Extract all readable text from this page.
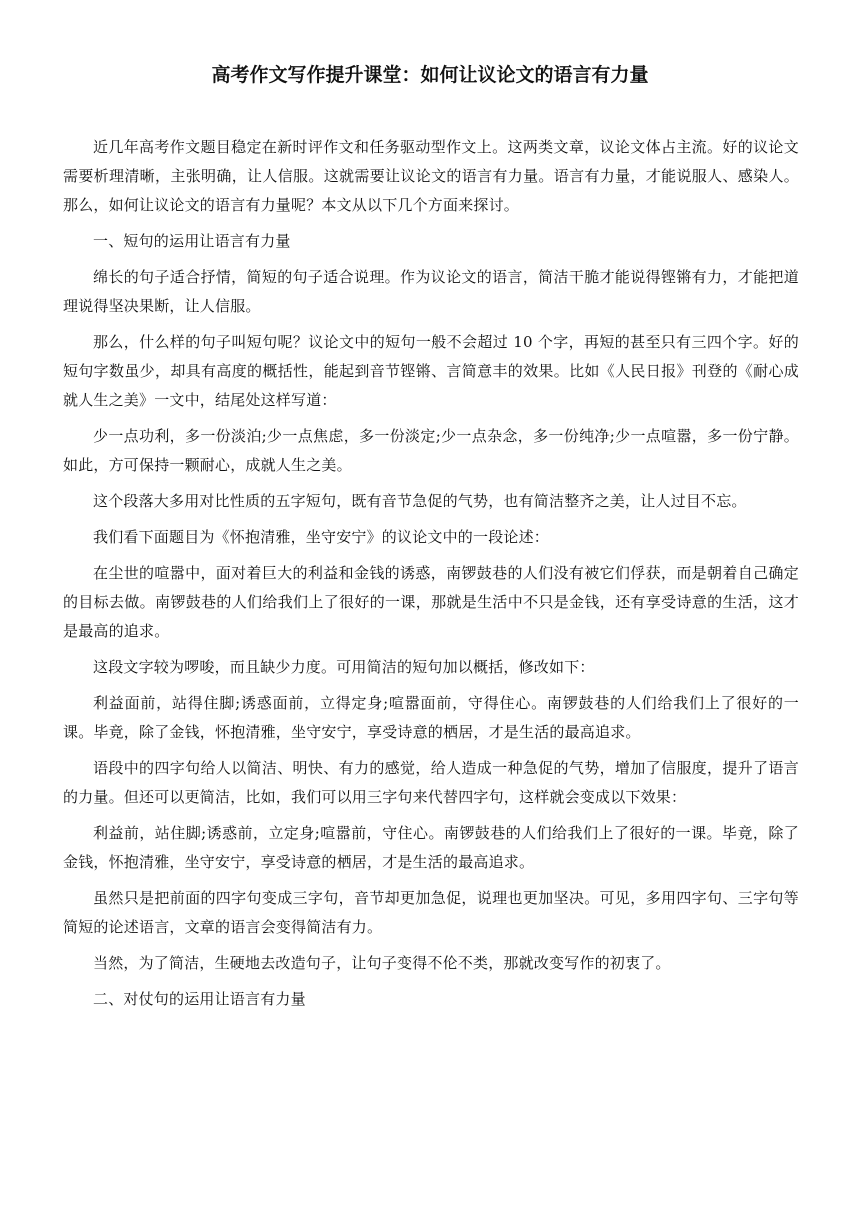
高考作文写作提升课堂：如何让议论文的语言有力量

近几年高考作文题目稳定在新时评作文和任务驱动型作文上。这两类文章，议论文体占主流。好的议论文需要析理清晰，主张明确，让人信服。这就需要让议论文的语言有力量。语言有力量，才能说服人、感染人。那么，如何让议论文的语言有力量呢？本文从以下几个方面来探讨。

一、短句的运用让语言有力量

绵长的句子适合抒情，简短的句子适合说理。作为议论文的语言，简洁干脆才能说得铿锵有力，才能把道理说得坚决果断，让人信服。

那么，什么样的句子叫短句呢？议论文中的短句一般不会超过 10 个字，再短的甚至只有三四个字。好的短句字数虽少，却具有高度的概括性，能起到音节铿锵、言简意丰的效果。比如《人民日报》刊登的《耐心成就人生之美》一文中，结尾处这样写道：

少一点功利，多一份淡泊;少一点焦虑，多一份淡定;少一点杂念，多一份纯净;少一点喧嚣，多一份宁静。如此，方可保持一颗耐心，成就人生之美。

这个段落大多用对比性质的五字短句，既有音节急促的气势，也有简洁整齐之美，让人过目不忘。

我们看下面题目为《怀抱清雅，坐守安宁》的议论文中的一段论述：

在尘世的喧嚣中，面对着巨大的利益和金钱的诱惑，南锣鼓巷的人们没有被它们俘获，而是朝着自己确定的目标去做。南锣鼓巷的人们给我们上了很好的一课，那就是生活中不只是金钱，还有享受诗意的生活，这才是最高的追求。

这段文字较为啰唆，而且缺少力度。可用简洁的短句加以概括，修改如下：

利益面前，站得住脚;诱惑面前，立得定身;喧嚣面前，守得住心。南锣鼓巷的人们给我们上了很好的一课。毕竟，除了金钱，怀抱清雅，坐守安宁，享受诗意的栖居，才是生活的最高追求。

语段中的四字句给人以简洁、明快、有力的感觉，给人造成一种急促的气势，增加了信服度，提升了语言的力量。但还可以更简洁，比如，我们可以用三字句来代替四字句，这样就会变成以下效果：

利益前，站住脚;诱惑前，立定身;喧嚣前，守住心。南锣鼓巷的人们给我们上了很好的一课。毕竟，除了金钱，怀抱清雅，坐守安宁，享受诗意的栖居，才是生活的最高追求。

虽然只是把前面的四字句变成三字句，音节却更加急促，说理也更加坚决。可见，多用四字句、三字句等简短的论述语言，文章的语言会变得简洁有力。

当然，为了简洁，生硬地去改造句子，让句子变得不伦不类，那就改变写作的初衷了。

二、对仗句的运用让语言有力量
